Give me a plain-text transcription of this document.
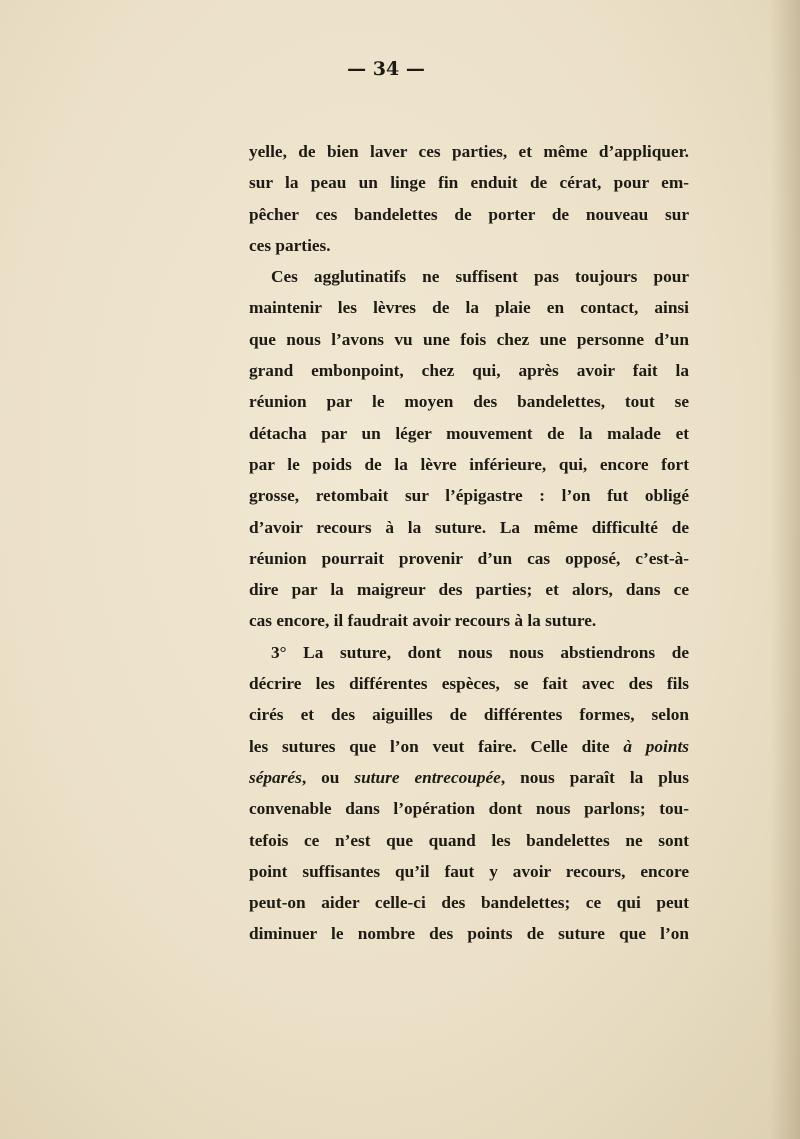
— 34 —
yelle, de bien laver ces parties, et même d’appliquer.
sur la peau un linge fin enduit de cérat, pour em-
pêcher ces bandelettes de porter de nouveau sur
ces parties.
Ces agglutinatifs ne suffisent pas toujours pour
maintenir les lèvres de la plaie en contact, ainsi
que nous l’avons vu une fois chez une personne d’un
grand embonpoint, chez qui, après avoir fait la
réunion par le moyen des bandelettes, tout se
détacha par un léger mouvement de la malade et
par le poids de la lèvre inférieure, qui, encore fort
grosse, retombait sur l’épigastre : l’on fut obligé
d’avoir recours à la suture. La même difficulté de
réunion pourrait provenir d’un cas opposé, c’est-à-
dire par la maigreur des parties; et alors, dans ce
cas encore, il faudrait avoir recours à la suture.
3° La suture, dont nous nous abstiendrons de
décrire les différentes espèces, se fait avec des fils
cirés et des aiguilles de différentes formes, selon
les sutures que l’on veut faire. Celle dite à points
séparés, ou suture entrecoupée, nous paraît la plus
convenable dans l’opération dont nous parlons; tou-
tefois ce n’est que quand les bandelettes ne sont
point suffisantes qu’il faut y avoir recours, encore
peut-on aider celle-ci des bandelettes; ce qui peut
diminuer le nombre des points de suture que l’on
